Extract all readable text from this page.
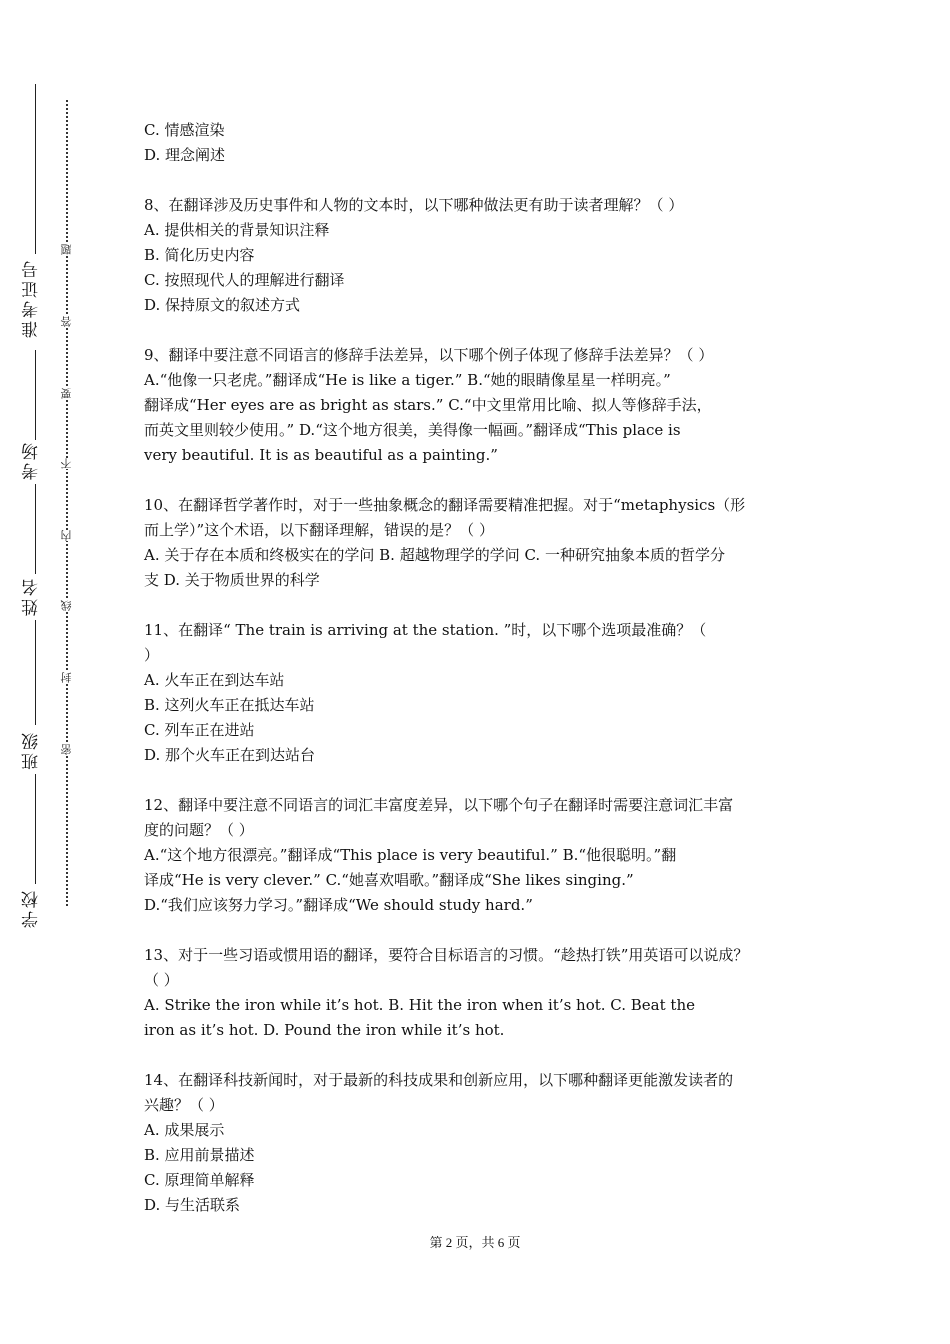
准考证号
考场
姓名
班级
学校
题
答
要
不
内
线
封
密
C. 情感渲染
D. 理念阐述
8、在翻译涉及历史事件和人物的文本时，以下哪种做法更有助于读者理解？（ ）
A. 提供相关的背景知识注释
B. 简化历史内容
C. 按照现代人的理解进行翻译
D. 保持原文的叙述方式
9、翻译中要注意不同语言的修辞手法差异，以下哪个例子体现了修辞手法差异？（ ）
A.“他像一只老虎。”翻译成“He is like a tiger.” B.“她的眼睛像星星一样明亮。”
翻译成“Her eyes are as bright as stars.” C.“中文里常用比喻、拟人等修辞手法，
而英文里则较少使用。” D.“这个地方很美，美得像一幅画。”翻译成“This place is
very beautiful. It is as beautiful as a painting.”
10、在翻译哲学著作时，对于一些抽象概念的翻译需要精准把握。对于“metaphysics（形
而上学）”这个术语，以下翻译理解，错误的是？（ ）
A. 关于存在本质和终极实在的学问 B. 超越物理学的学问 C. 一种研究抽象本质的哲学分
支 D. 关于物质世界的科学
11、在翻译“ The train is arriving at the station. ”时，以下哪个选项最准确？（
）
A. 火车正在到达车站
B. 这列火车正在抵达车站
C. 列车正在进站
D. 那个火车正在到达站台
12、翻译中要注意不同语言的词汇丰富度差异，以下哪个句子在翻译时需要注意词汇丰富
度的问题？（ ）
A.“这个地方很漂亮。”翻译成“This place is very beautiful.” B.“他很聪明。”翻
译成“He is very clever.” C.“她喜欢唱歌。”翻译成“She likes singing.”
D.“我们应该努力学习。”翻译成“We should study hard.”
13、对于一些习语或惯用语的翻译，要符合目标语言的习惯。“趁热打铁”用英语可以说成？
（ ）
A. Strike the iron while it’s hot. B. Hit the iron when it’s hot. C. Beat the
iron as it’s hot. D. Pound the iron while it’s hot.
14、在翻译科技新闻时，对于最新的科技成果和创新应用，以下哪种翻译更能激发读者的
兴趣？（ ）
A. 成果展示
B. 应用前景描述
C. 原理简单解释
D. 与生活联系
第 2 页，共 6 页
